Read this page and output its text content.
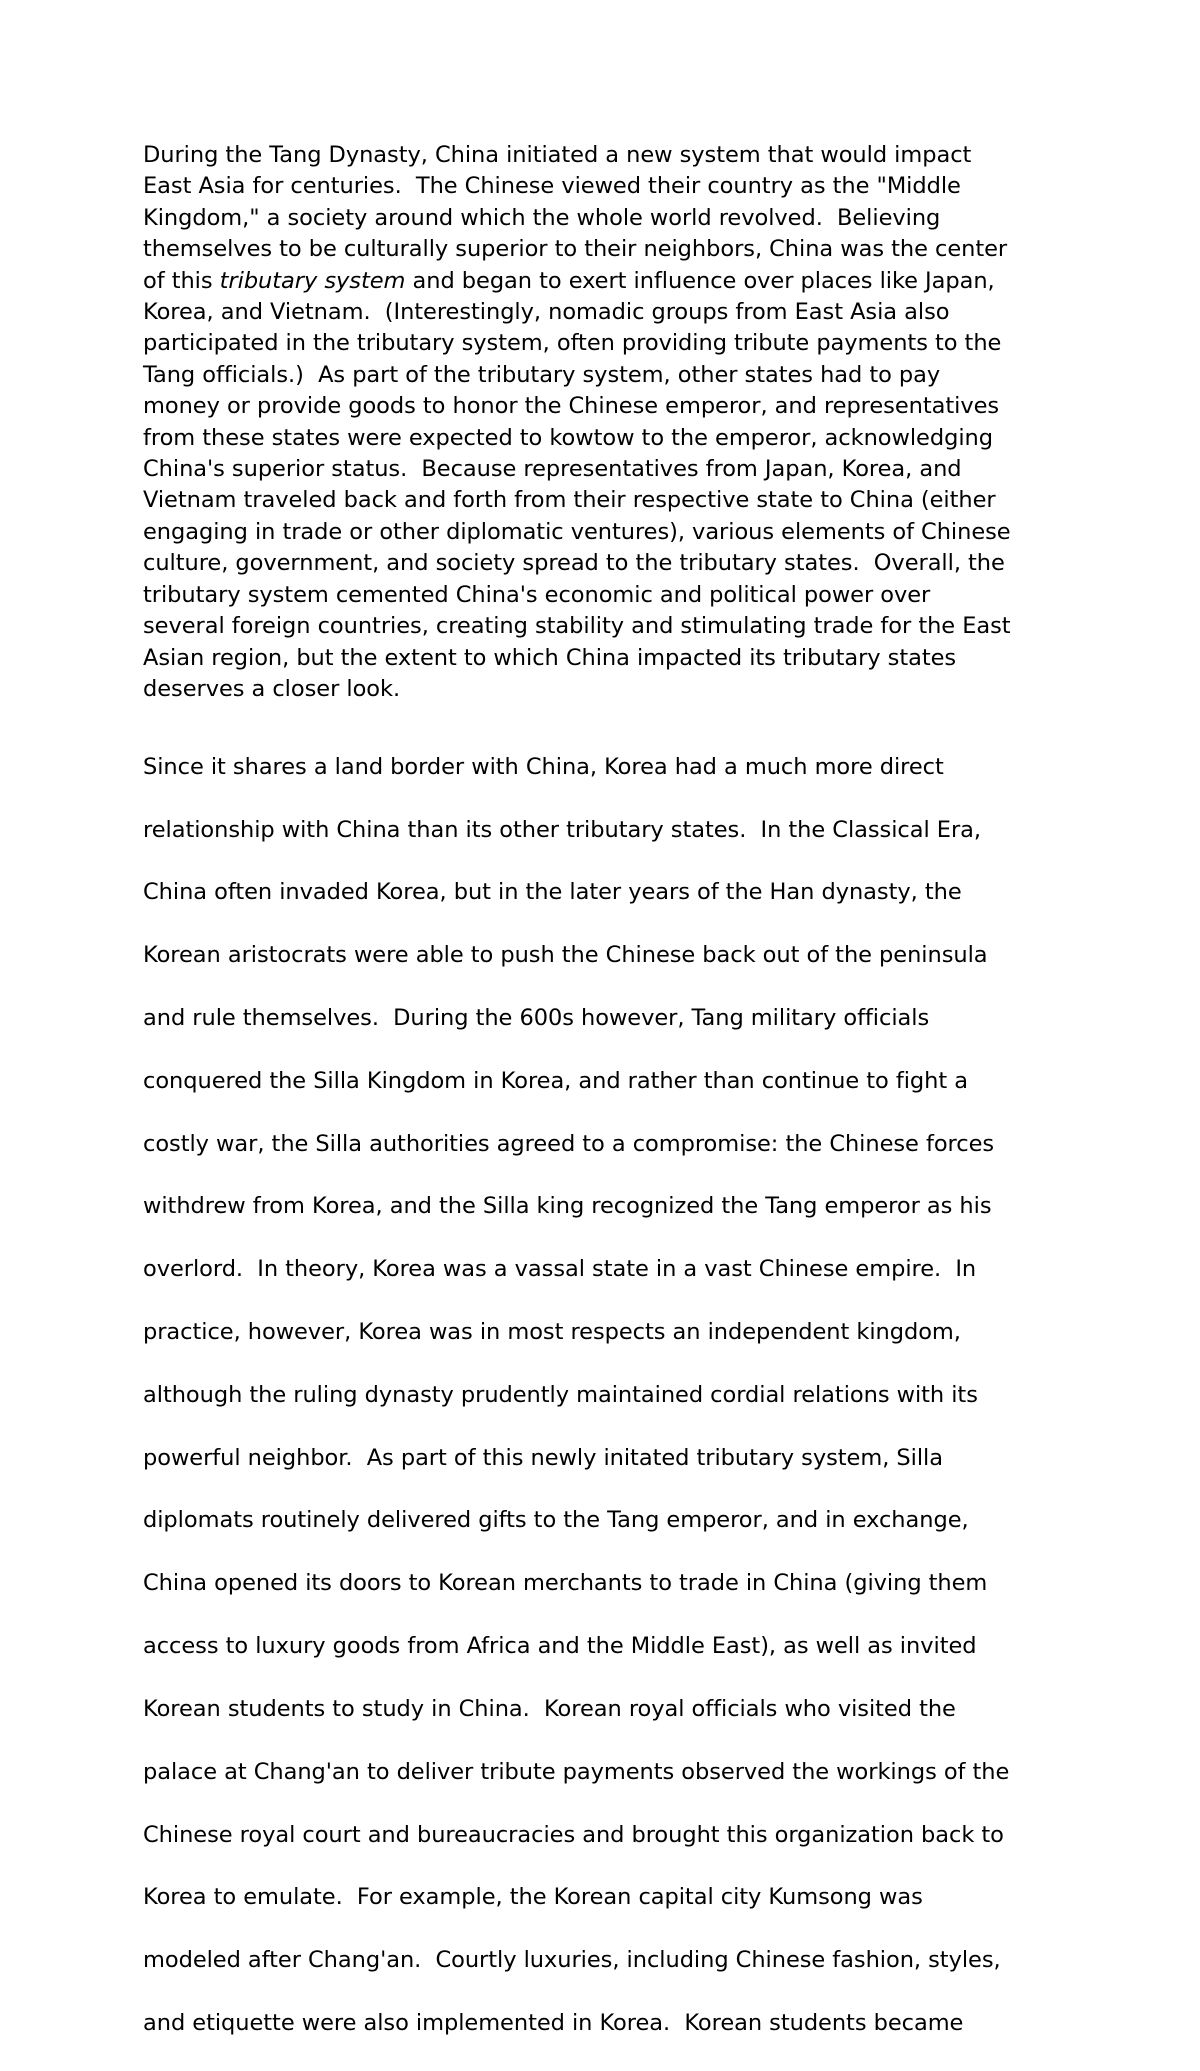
During the Tang Dynasty, China initiated a new system that would impact
East Asia for centuries.  The Chinese viewed their country as the "Middle
Kingdom," a society around which the whole world revolved.  Believing
themselves to be culturally superior to their neighbors, China was the center
of this tributary system and began to exert influence over places like Japan,
Korea, and Vietnam.  (Interestingly, nomadic groups from East Asia also
participated in the tributary system, often providing tribute payments to the
Tang officials.)  As part of the tributary system, other states had to pay
money or provide goods to honor the Chinese emperor, and representatives
from these states were expected to kowtow to the emperor, acknowledging
China's superior status.  Because representatives from Japan, Korea, and
Vietnam traveled back and forth from their respective state to China (either
engaging in trade or other diplomatic ventures), various elements of Chinese
culture, government, and society spread to the tributary states.  Overall, the
tributary system cemented China's economic and political power over
several foreign countries, creating stability and stimulating trade for the East
Asian region, but the extent to which China impacted its tributary states
deserves a closer look.

Since it shares a land border with China, Korea had a much more direct

relationship with China than its other tributary states.  In the Classical Era,

China often invaded Korea, but in the later years of the Han dynasty, the

Korean aristocrats were able to push the Chinese back out of the peninsula

and rule themselves.  During the 600s however, Tang military officials

conquered the Silla Kingdom in Korea, and rather than continue to fight a

costly war, the Silla authorities agreed to a compromise: the Chinese forces

withdrew from Korea, and the Silla king recognized the Tang emperor as his

overlord.  In theory, Korea was a vassal state in a vast Chinese empire.  In

practice, however, Korea was in most respects an independent kingdom,

although the ruling dynasty prudently maintained cordial relations with its

powerful neighbor.  As part of this newly initated tributary system, Silla

diplomats routinely delivered gifts to the Tang emperor, and in exchange,

China opened its doors to Korean merchants to trade in China (giving them

access to luxury goods from Africa and the Middle East), as well as invited

Korean students to study in China.  Korean royal officials who visited the

palace at Chang'an to deliver tribute payments observed the workings of the

Chinese royal court and bureaucracies and brought this organization back to

Korea to emulate.  For example, the Korean capital city Kumsong was

modeled after Chang'an.  Courtly luxuries, including Chinese fashion, styles,

and etiquette were also implemented in Korea.  Korean students became
